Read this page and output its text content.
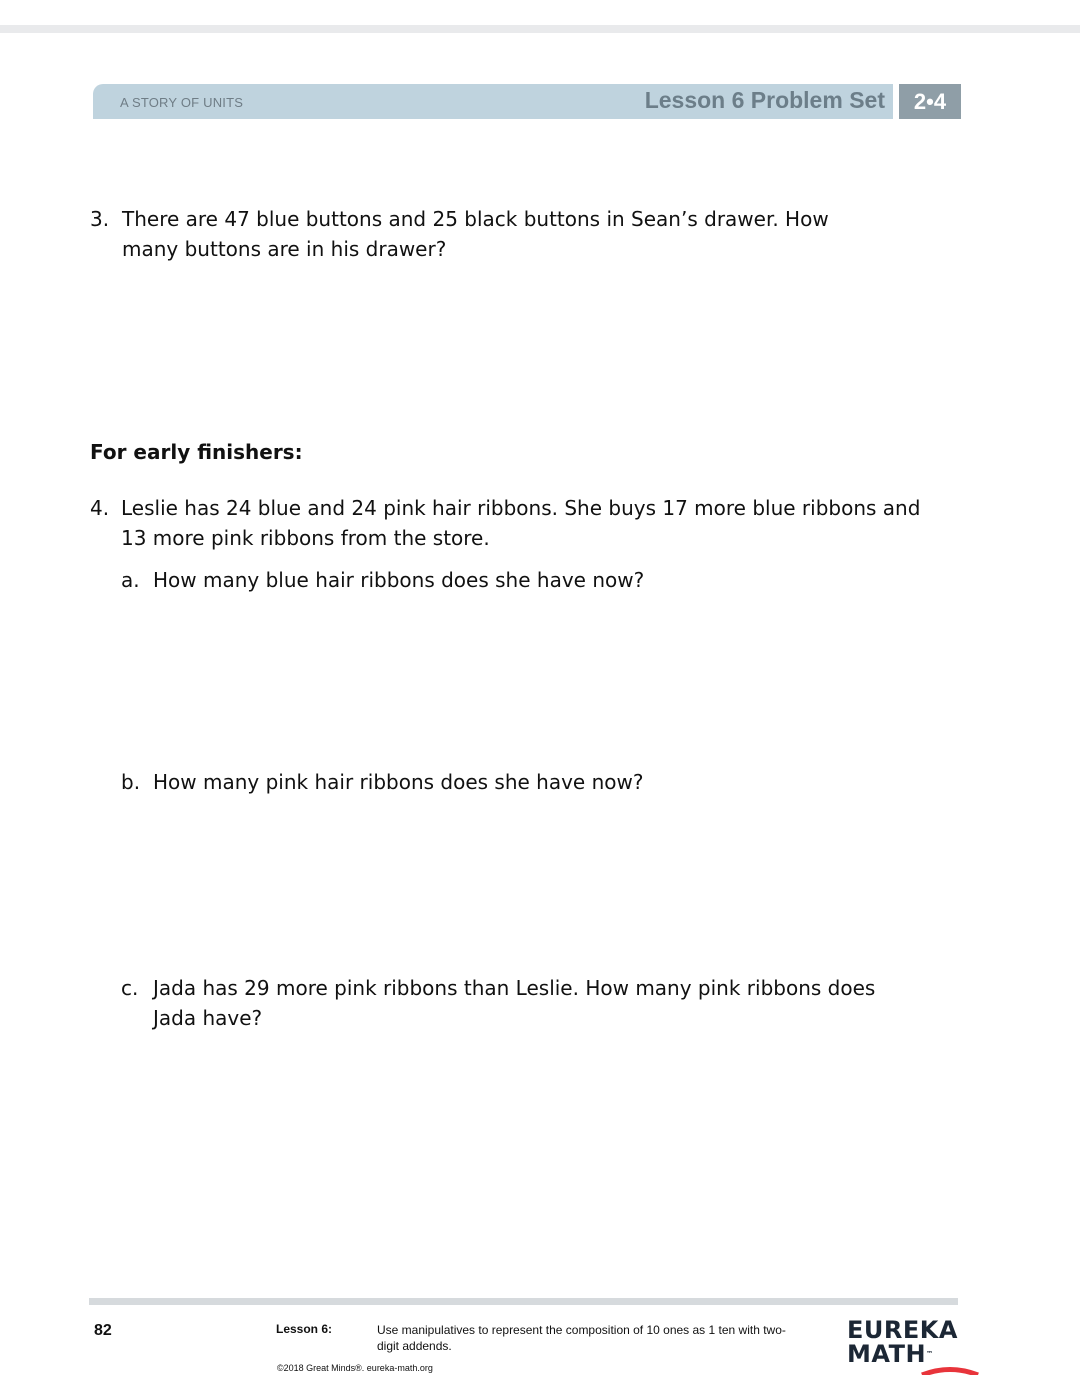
A STORY OF UNITS	Lesson 6 Problem Set	2•4
3. There are 47 blue buttons and 25 black buttons in Sean’s drawer. How many buttons are in his drawer?
For early finishers:
4. Leslie has 24 blue and 24 pink hair ribbons. She buys 17 more blue ribbons and 13 more pink ribbons from the store.
a. How many blue hair ribbons does she have now?
b. How many pink hair ribbons does she have now?
c. Jada has 29 more pink ribbons than Leslie. How many pink ribbons does Jada have?
82	Lesson 6:	Use manipulatives to represent the composition of 10 ones as 1 ten with two-digit addends.
©2018 Great Minds®. eureka-math.org
EUREKA
MATH™
